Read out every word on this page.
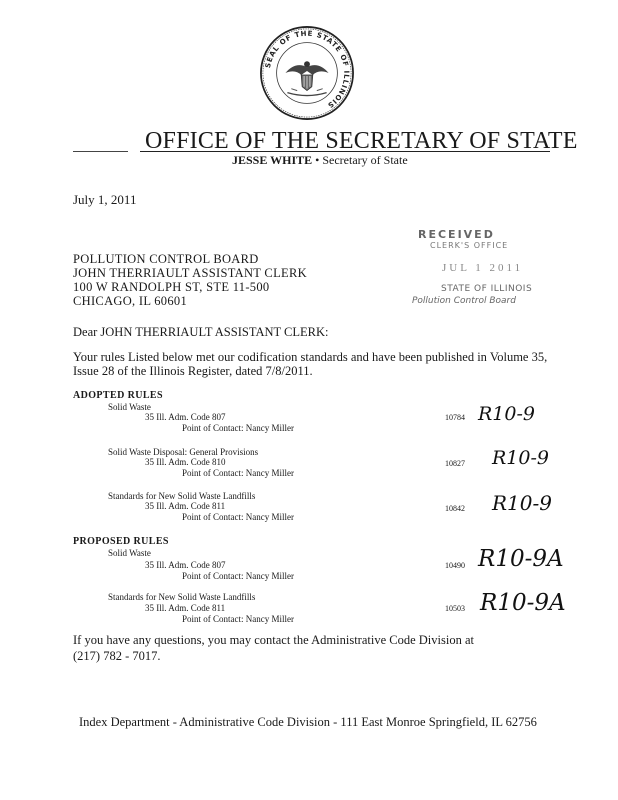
SEAL OF THE STATE OF ILLINOIS
OFFICE OF THE SECRETARY OF STATE
JESSE WHITE • Secretary of State
July 1, 2011
RECEIVED
CLERK'S OFFICE
JUL 1 2011
STATE OF ILLINOIS
Pollution Control Board
POLLUTION CONTROL BOARD
JOHN THERRIAULT ASSISTANT CLERK
100 W RANDOLPH ST, STE 11-500
CHICAGO, IL 60601
Dear JOHN THERRIAULT ASSISTANT CLERK:
Your rules Listed below met our codification standards and have been published in Volume 35,
Issue 28 of the Illinois Register, dated 7/8/2011.
ADOPTED RULES
Solid Waste
35 Ill. Adm. Code 807
Point of Contact: Nancy Miller
10784 R10-9
Solid Waste Disposal: General Provisions
35 Ill. Adm. Code 810
Point of Contact: Nancy Miller
10827 R10-9
Standards for New Solid Waste Landfills
35 Ill. Adm. Code 811
Point of Contact: Nancy Miller
10842 R10-9
PROPOSED RULES
Solid Waste
35 Ill. Adm. Code 807
Point of Contact: Nancy Miller
10490 R10-9A
Standards for New Solid Waste Landfills
35 Ill. Adm. Code 811
Point of Contact: Nancy Miller
10503 R10-9A
If you have any questions, you may contact the Administrative Code Division at
(217) 782 - 7017.
Index Department - Administrative Code Division - 111 East Monroe Springfield, IL 62756
